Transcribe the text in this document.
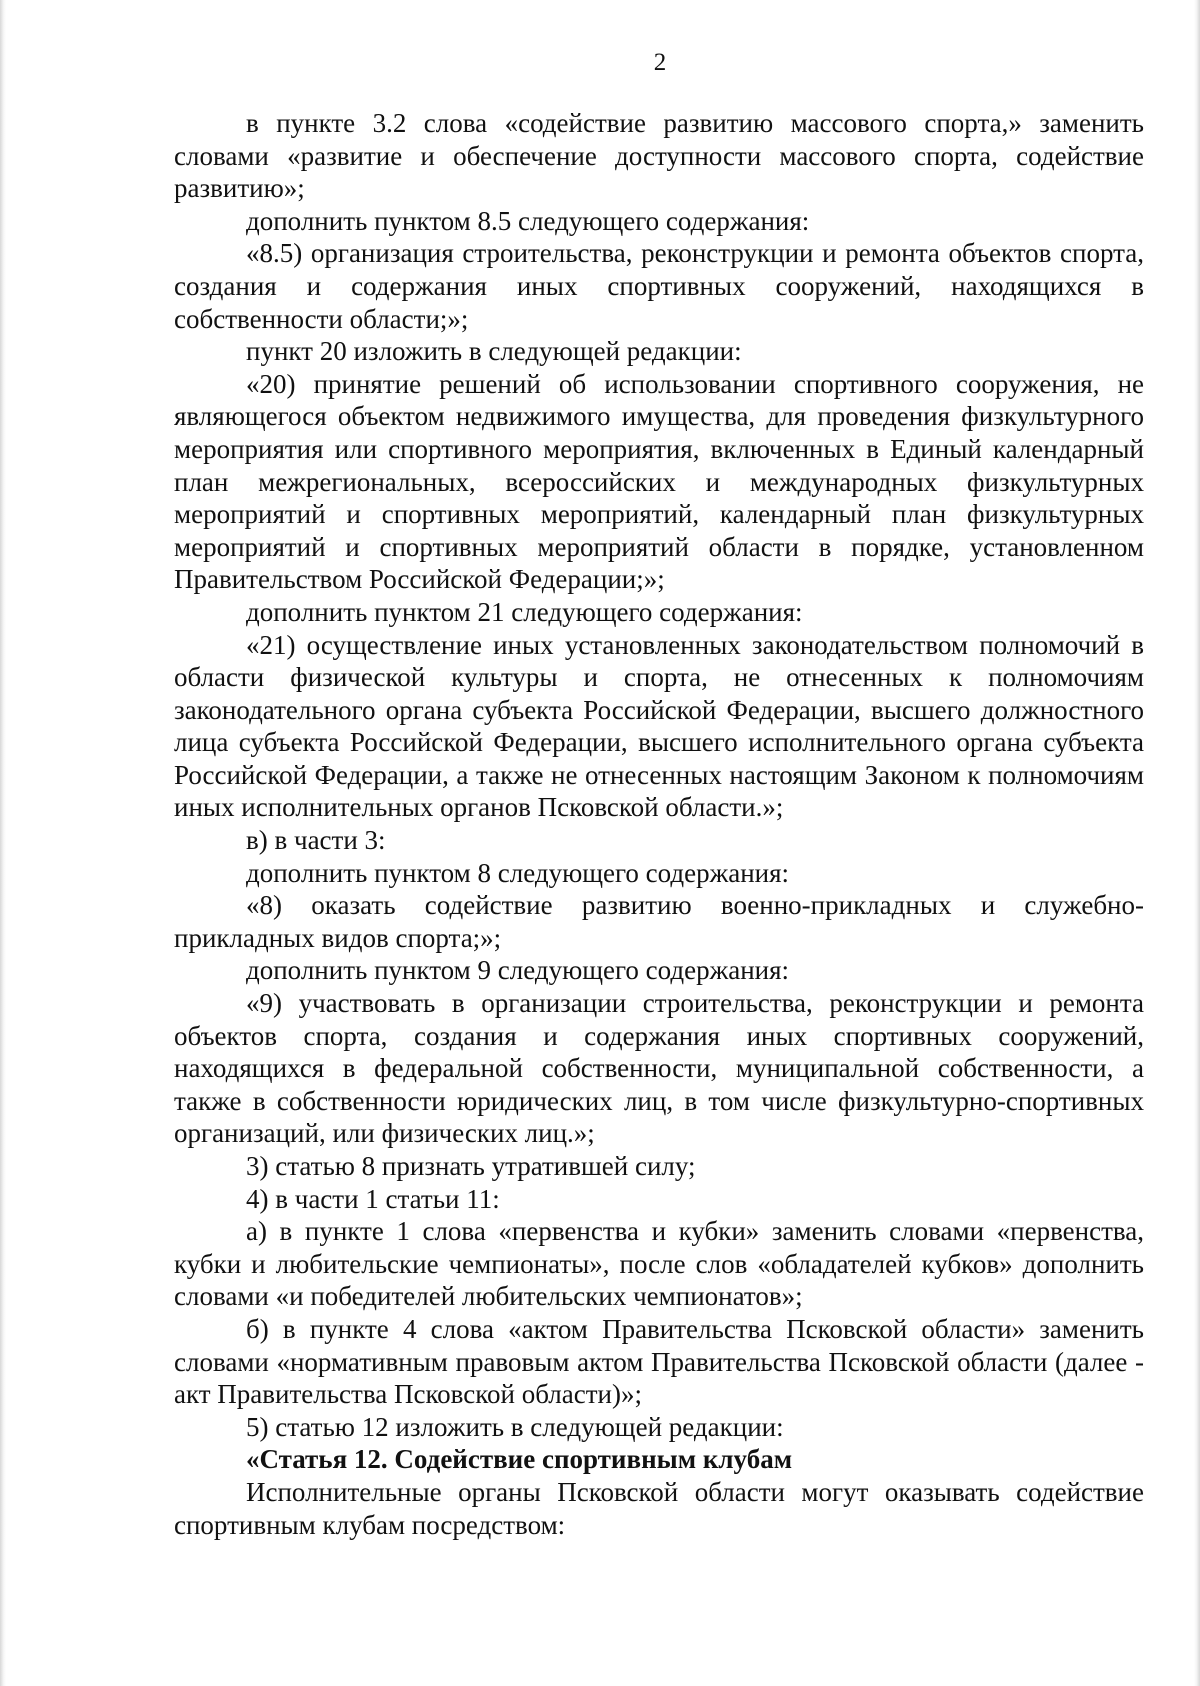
2

в пункте 3.2 слова «содействие развитию массового спорта,» заменить словами «развитие и обеспечение доступности массового спорта, содействие развитию»;

дополнить пунктом 8.5 следующего содержания:

«8.5) организация строительства, реконструкции и ремонта объектов спорта, создания и содержания иных спортивных сооружений, находящихся в собственности области;»;

пункт 20 изложить в следующей редакции:

«20) принятие решений об использовании спортивного сооружения, не являющегося объектом недвижимого имущества, для проведения физкультурного мероприятия или спортивного мероприятия, включенных в Единый календарный план межрегиональных, всероссийских и международных физкультурных мероприятий и спортивных мероприятий, календарный план физкультурных мероприятий и спортивных мероприятий области в порядке, установленном Правительством Российской Федерации;»;

дополнить пунктом 21 следующего содержания:

«21) осуществление иных установленных законодательством полномочий в области физической культуры и спорта, не отнесенных к полномочиям законодательного органа субъекта Российской Федерации, высшего должностного лица субъекта Российской Федерации, высшего исполнительного органа субъекта Российской Федерации, а также не отнесенных настоящим Законом к полномочиям иных исполнительных органов Псковской области.»;

в) в части 3:

дополнить пунктом 8 следующего содержания:

«8) оказать содействие развитию военно-прикладных и служебно-прикладных видов спорта;»;

дополнить пунктом 9 следующего содержания:

«9) участвовать в организации строительства, реконструкции и ремонта объектов спорта, создания и содержания иных спортивных сооружений, находящихся в федеральной собственности, муниципальной собственности, а также в собственности юридических лиц, в том числе физкультурно-спортивных организаций, или физических лиц.»;

3) статью 8 признать утратившей силу;

4) в части 1 статьи 11:

а) в пункте 1 слова «первенства и кубки» заменить словами «первенства, кубки и любительские чемпионаты», после слов «обладателей кубков» дополнить словами «и победителей любительских чемпионатов»;

б) в пункте 4 слова «актом Правительства Псковской области» заменить словами «нормативным правовым актом Правительства Псковской области (далее - акт Правительства Псковской области)»;

5) статью 12 изложить в следующей редакции:

«Статья 12. Содействие спортивным клубам

Исполнительные органы Псковской области могут оказывать содействие спортивным клубам посредством:
